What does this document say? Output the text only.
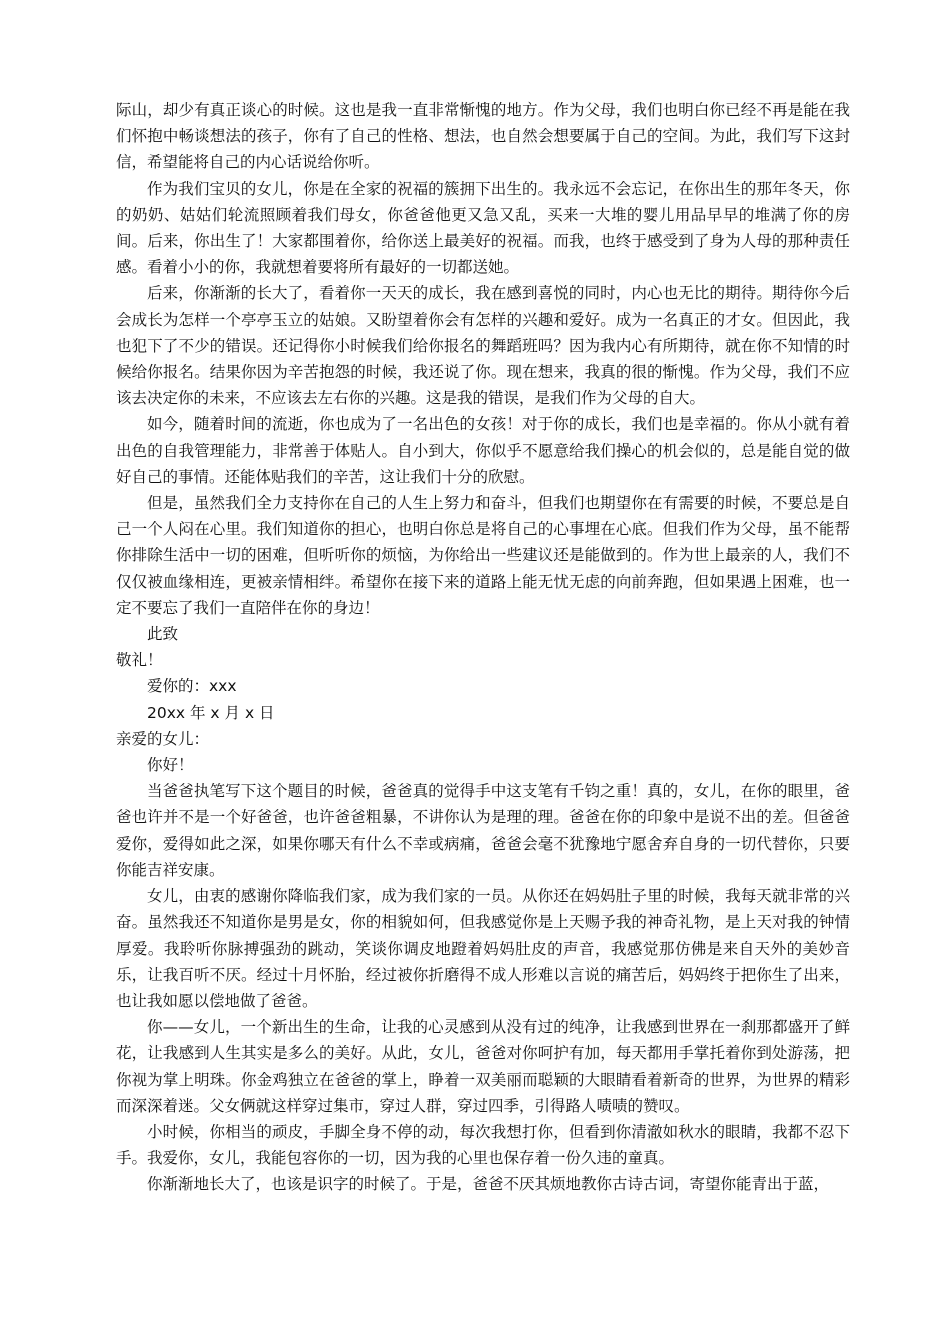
际山，却少有真正谈心的时候。这也是我一直非常惭愧的地方。作为父母，我们也明白你已经不再是能在我们怀抱中畅谈想法的孩子，你有了自己的性格、想法，也自然会想要属于自己的空间。为此，我们写下这封信，希望能将自己的内心话说给你听。

作为我们宝贝的女儿，你是在全家的祝福的簇拥下出生的。我永远不会忘记，在你出生的那年冬天，你的奶奶、姑姑们轮流照顾着我们母女，你爸爸他更又急又乱，买来一大堆的婴儿用品早早的堆满了你的房间。后来，你出生了！大家都围着你，给你送上最美好的祝福。而我，也终于感受到了身为人母的那种责任感。看着小小的你，我就想着要将所有最好的一切都送她。

后来，你渐渐的长大了，看着你一天天的成长，我在感到喜悦的同时，内心也无比的期待。期待你今后会成长为怎样一个亭亭玉立的姑娘。又盼望着你会有怎样的兴趣和爱好。成为一名真正的才女。但因此，我也犯下了不少的错误。还记得你小时候我们给你报名的舞蹈班吗？因为我内心有所期待，就在你不知情的时候给你报名。结果你因为辛苦抱怨的时候，我还说了你。现在想来，我真的很的惭愧。作为父母，我们不应该去决定你的未来，不应该去左右你的兴趣。这是我的错误，是我们作为父母的自大。

如今，随着时间的流逝，你也成为了一名出色的女孩！对于你的成长，我们也是幸福的。你从小就有着出色的自我管理能力，非常善于体贴人。自小到大，你似乎不愿意给我们操心的机会似的，总是能自觉的做好自己的事情。还能体贴我们的辛苦，这让我们十分的欣慰。

但是，虽然我们全力支持你在自己的人生上努力和奋斗，但我们也期望你在有需要的时候，不要总是自己一个人闷在心里。我们知道你的担心，也明白你总是将自己的心事埋在心底。但我们作为父母，虽不能帮你排除生活中一切的困难，但听听你的烦恼，为你给出一些建议还是能做到的。作为世上最亲的人，我们不仅仅被血缘相连，更被亲情相绊。希望你在接下来的道路上能无忧无虑的向前奔跑，但如果遇上困难，也一定不要忘了我们一直陪伴在你的身边！

此致

敬礼！

爱你的：xxx

20xx 年 x 月 x 日

亲爱的女儿：

你好！

当爸爸执笔写下这个题目的时候，爸爸真的觉得手中这支笔有千钧之重！真的，女儿，在你的眼里，爸爸也许并不是一个好爸爸，也许爸爸粗暴，不讲你认为是理的理。爸爸在你的印象中是说不出的差。但爸爸爱你，爱得如此之深，如果你哪天有什么不幸或病痛，爸爸会毫不犹豫地宁愿舍弃自身的一切代替你，只要你能吉祥安康。

女儿，由衷的感谢你降临我们家，成为我们家的一员。从你还在妈妈肚子里的时候，我每天就非常的兴奋。虽然我还不知道你是男是女，你的相貌如何，但我感觉你是上天赐予我的神奇礼物，是上天对我的钟情厚爱。我聆听你脉搏强劲的跳动，笑谈你调皮地蹬着妈妈肚皮的声音，我感觉那仿佛是来自天外的美妙音乐，让我百听不厌。经过十月怀胎，经过被你折磨得不成人形难以言说的痛苦后，妈妈终于把你生了出来，也让我如愿以偿地做了爸爸。

你——女儿，一个新出生的生命，让我的心灵感到从没有过的纯净，让我感到世界在一刹那都盛开了鲜花，让我感到人生其实是多么的美好。从此，女儿，爸爸对你呵护有加，每天都用手掌托着你到处游荡，把你视为掌上明珠。你金鸡独立在爸爸的掌上，睁着一双美丽而聪颖的大眼睛看着新奇的世界，为世界的精彩而深深着迷。父女俩就这样穿过集市，穿过人群，穿过四季，引得路人啧啧的赞叹。

小时候，你相当的顽皮，手脚全身不停的动，每次我想打你，但看到你清澈如秋水的眼睛，我都不忍下手。我爱你，女儿，我能包容你的一切，因为我的心里也保存着一份久违的童真。

你渐渐地长大了，也该是识字的时候了。于是，爸爸不厌其烦地教你古诗古词，寄望你能青出于蓝，
